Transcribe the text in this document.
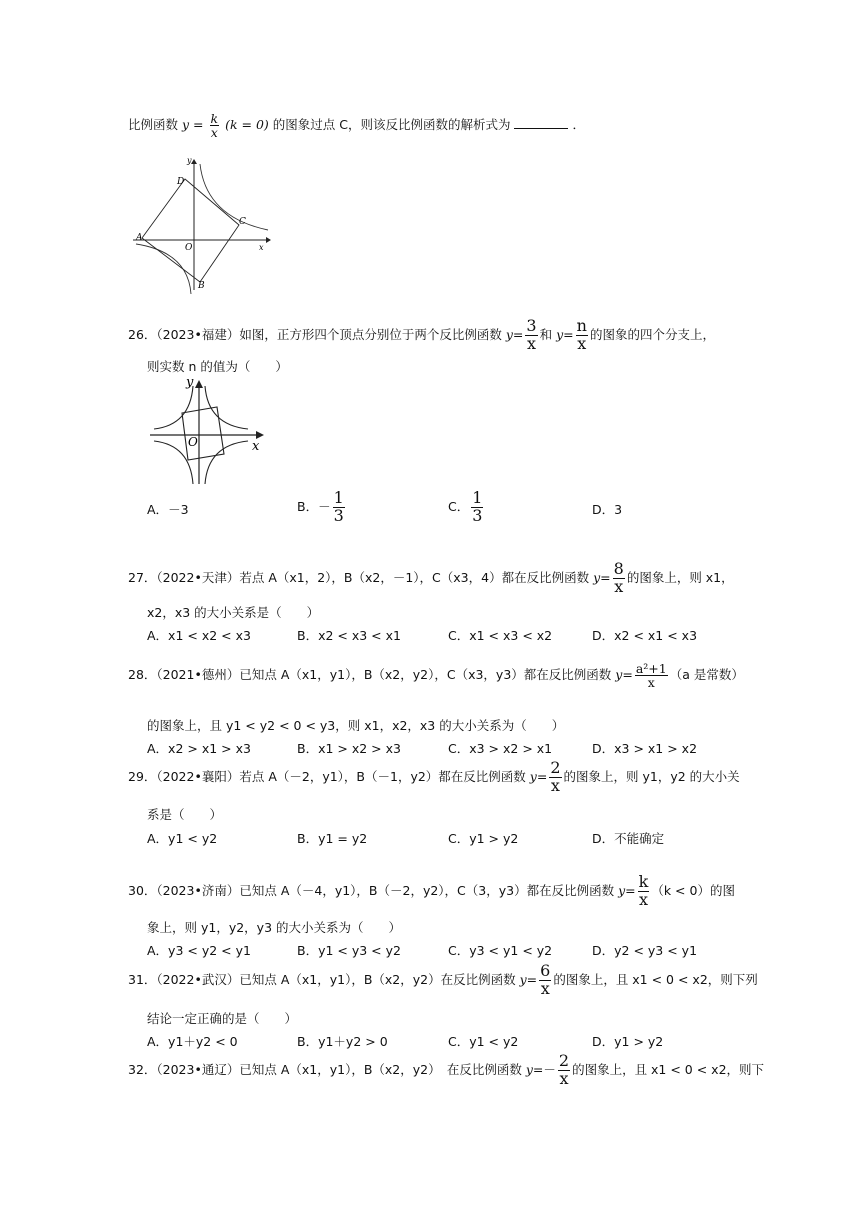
比例函数 $y = \frac{k}{x} (k = 0)$ 的图象过点 C，则该反比例函数的解析式为	．
y
D
C
A
O	x
B
26．（2023•福建）如图，正方形四个顶点分别位于两个反比例函数 $y= \frac{3}{x}$ 和 $y= \frac{n}{x}$ 的图象的四个分支上，
则实数 n 的值为（　　）
y
O	x
A．－3	B．－ $\frac{1}{3}$	C． $\frac{1}{3}$	D．3
27．（2022•天津）若点 A（x1，2），B（x2，－1），C（x3，4）都在反比例函数 $y= \frac{8}{x}$ 的图象上，则 x1，
x2，x3 的大小关系是（　　）
A．x1 < x2 < x3	B．x2 < x3 < x1	C．x1 < x3 < x2	D．x2 < x1 < x3
28．（2021•德州）已知点 A（x1，y1），B（x2，y2），C（x3，y3）都在反比例函数 $y= \frac{\text{a²+1}}{x} (a$ 是常数）
的图象上，且 y1 < y2 < 0 < y3，则 x1，x2，x3 的大小关系为（　　）
A．x2 > x1 > x3	B．x1 > x2 > x3	C．x3 > x2 > x1	D．x3 > x1 > x2
29．（2022•襄阳）若点 A（－2，y1），B（－1，y2）都在反比例函数 $y= \frac{2}{x}$ 的图象上，则 y1，y2 的大小关
系是（　　）
A．y1 < y2	B．y1 = y2	C．y1 > y2	D．不能确定
30．（2023•济南）已知点 A（－4，y1），B（－2，y2），C（3，y3）都在反比例函数 $y= \frac{k}{x} (k < 0)$的图
象上，则 y1，y2，y3 的大小关系为（　　）
A．y3 < y2 < y1	B．y1 < y3 < y2	C．y3 < y1 < y2	D．y2 < y3 < y1
31．（2022•武汉）已知点 A（x1，y1），B（x2，y2）在反比例函数 $y= \frac{6}{x}$ 的图象上，且 x1 < 0 < x2，则下列
结论一定正确的是（　　）
A．y1＋y2 < 0	B．y1＋y2 > 0	C．y1 < y2	D．y1 > y2
32．（2023•通辽）已知点 A（x1，y1），B（x2，y2）　在反比例函数 $y=- \frac{2}{x}$ 的图象上，且 x1 < 0 < x2，则下
